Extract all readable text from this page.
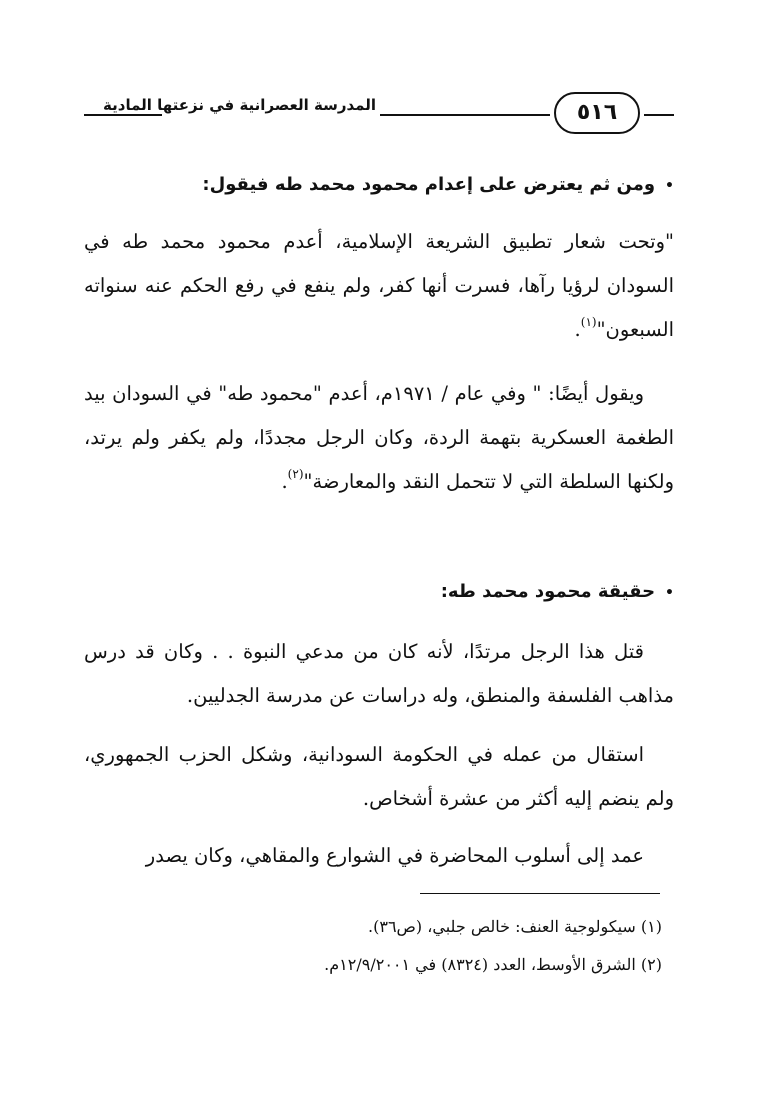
المدرسة العصرانية في نزعتها المادية	٥١٦
•ومن ثم يعترض على إعدام محمود محمد طه فيقول:
"وتحت شعار تطبيق الشريعة الإسلامية، أعدم محمود محمد طه في السودان لرؤيا رآها، فسرت أنها كفر، ولم ينفع في رفع الحكم عنه سنواته السبعون"$^{(١)}$.
ويقول أيضًا: " وفي عام / ١٩٧١م، أعدم "محمود طه" في السودان بيد الطغمة العسكرية بتهمة الردة، وكان الرجل مجددًا، ولم يكفر ولم يرتد، ولكنها السلطة التي لا تتحمل النقد والمعارضة"$^{(٢)}$.
•حقيقة محمود محمد طه:
قتل هذا الرجل مرتدًا، لأنه كان من مدعي النبوة . . وكان قد درس مذاهب الفلسفة والمنطق، وله دراسات عن مدرسة الجدليين.
استقال من عمله في الحكومة السودانية، وشكل الحزب الجمهوري، ولم ينضم إليه أكثر من عشرة أشخاص.
عمد إلى أسلوب المحاضرة في الشوارع والمقاهي، وكان يصدر
(١) سيكولوجية العنف: خالص جلبي، (ص٣٦).
(٢) الشرق الأوسط، العدد (٨٣٢٤) في ١٢/٩/٢٠٠١م.
